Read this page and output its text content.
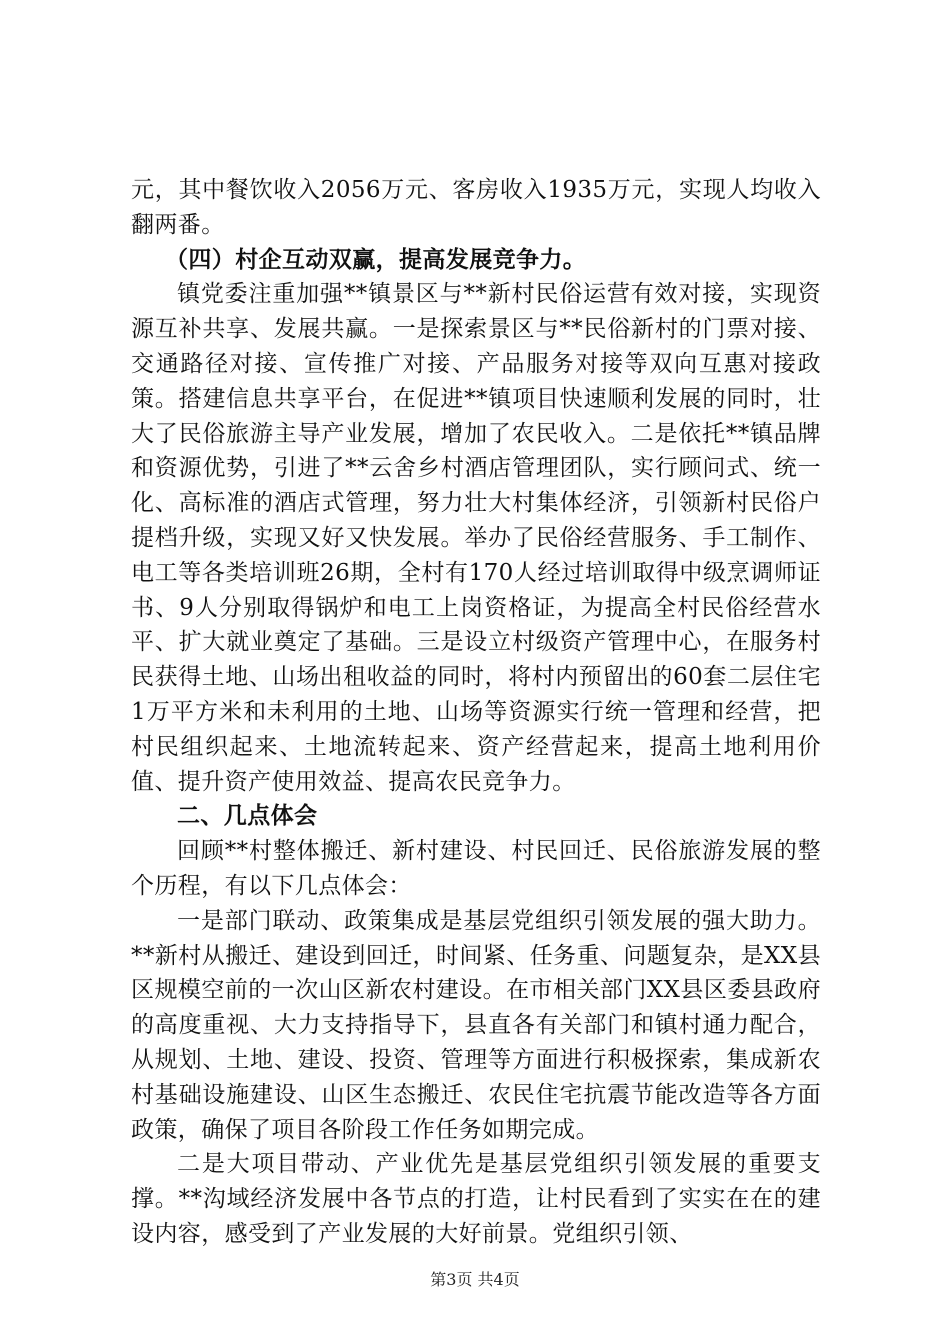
元，其中餐饮收入2056万元、客房收入1935万元，实现人均收入翻两番。

（四）村企互动双赢，提高发展竞争力。

镇党委注重加强**镇景区与**新村民俗运营有效对接，实现资源互补共享、发展共赢。一是探索景区与**民俗新村的门票对接、交通路径对接、宣传推广对接、产品服务对接等双向互惠对接政策。搭建信息共享平台，在促进**镇项目快速顺利发展的同时，壮大了民俗旅游主导产业发展，增加了农民收入。二是依托**镇品牌和资源优势，引进了**云舍乡村酒店管理团队，实行顾问式、统一化、高标准的酒店式管理，努力壮大村集体经济，引领新村民俗户提档升级，实现又好又快发展。举办了民俗经营服务、手工制作、电工等各类培训班26期，全村有170人经过培训取得中级烹调师证书、9人分别取得锅炉和电工上岗资格证，为提高全村民俗经营水平、扩大就业奠定了基础。三是设立村级资产管理中心，在服务村民获得土地、山场出租收益的同时，将村内预留出的60套二层住宅1万平方米和未利用的土地、山场等资源实行统一管理和经营，把村民组织起来、土地流转起来、资产经营起来，提高土地利用价值、提升资产使用效益、提高农民竞争力。

二、几点体会

回顾**村整体搬迁、新村建设、村民回迁、民俗旅游发展的整个历程，有以下几点体会：

一是部门联动、政策集成是基层党组织引领发展的强大助力。**新村从搬迁、建设到回迁，时间紧、任务重、问题复杂，是XX县区规模空前的一次山区新农村建设。在市相关部门XX县区委县政府的高度重视、大力支持指导下，县直各有关部门和镇村通力配合，从规划、土地、建设、投资、管理等方面进行积极探索，集成新农村基础设施建设、山区生态搬迁、农民住宅抗震节能改造等各方面政策，确保了项目各阶段工作任务如期完成。

二是大项目带动、产业优先是基层党组织引领发展的重要支撑。**沟域经济发展中各节点的打造，让村民看到了实实在在的建设内容，感受到了产业发展的大好前景。党组织引领、

第3页 共4页
